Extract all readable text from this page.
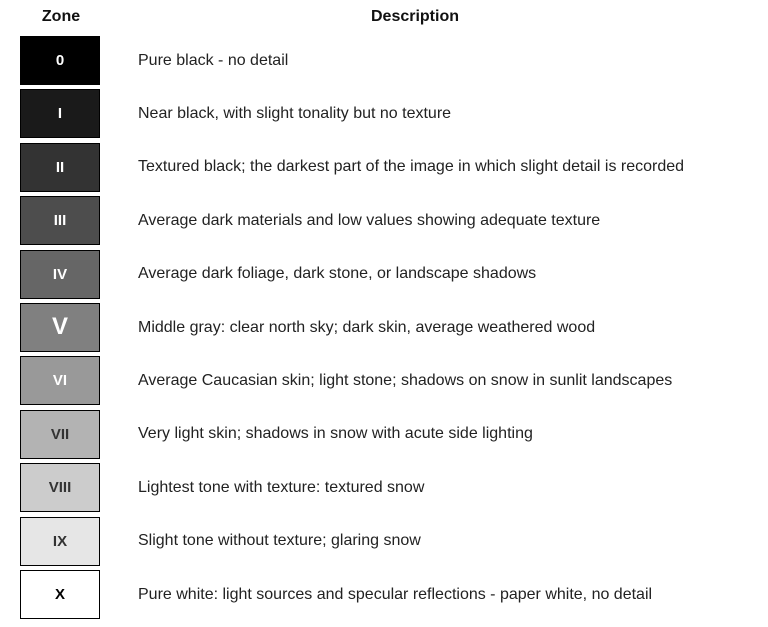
Zone	Description
0	Pure black - no detail
I	Near black, with slight tonality but no texture
II	Textured black; the darkest part of the image in which slight detail is recorded
III	Average dark materials and low values showing adequate texture
IV	Average dark foliage, dark stone, or landscape shadows
V	Middle gray: clear north sky; dark skin, average weathered wood
VI	Average Caucasian skin; light stone; shadows on snow in sunlit landscapes
VII	Very light skin; shadows in snow with acute side lighting
VIII	Lightest tone with texture: textured snow
IX	Slight tone without texture; glaring snow
X	Pure white: light sources and specular reflections - paper white, no detail
